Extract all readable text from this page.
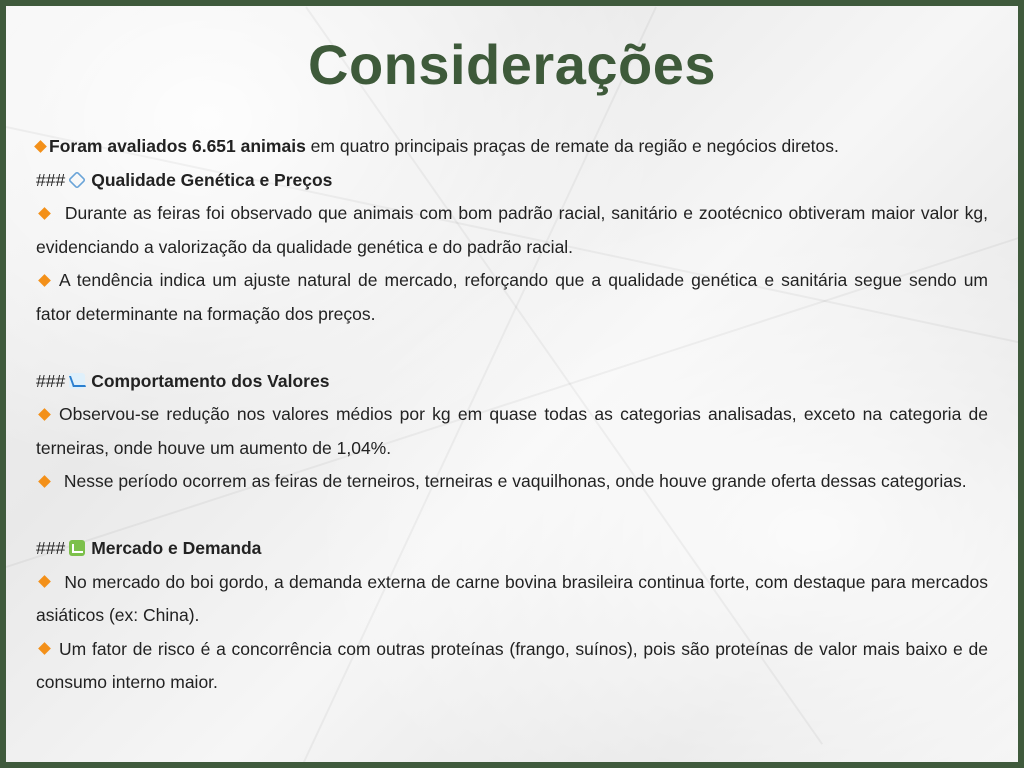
Considerações

Foram avaliados 6.651 animais em quatro principais praças de remate da região e negócios diretos.

### Qualidade Genética e Preços

Durante as feiras foi observado que animais com bom padrão racial, sanitário e zootécnico obtiveram maior valor kg, evidenciando a valorização da qualidade genética e do padrão racial.

A tendência indica um ajuste natural de mercado, reforçando que a qualidade genética e sanitária segue sendo um fator determinante na formação dos preços.

### Comportamento dos Valores

Observou-se redução nos valores médios por kg em quase todas as categorias analisadas, exceto na categoria de terneiras, onde houve um aumento de 1,04%.

Nesse período ocorrem as feiras de terneiros, terneiras e vaquilhonas, onde houve grande oferta dessas categorias.

### Mercado e Demanda

No mercado do boi gordo, a demanda externa de carne bovina brasileira continua forte, com destaque para mercados asiáticos (ex: China).

Um fator de risco é a concorrência com outras proteínas (frango, suínos), pois são proteínas de valor mais baixo e de consumo interno maior.
